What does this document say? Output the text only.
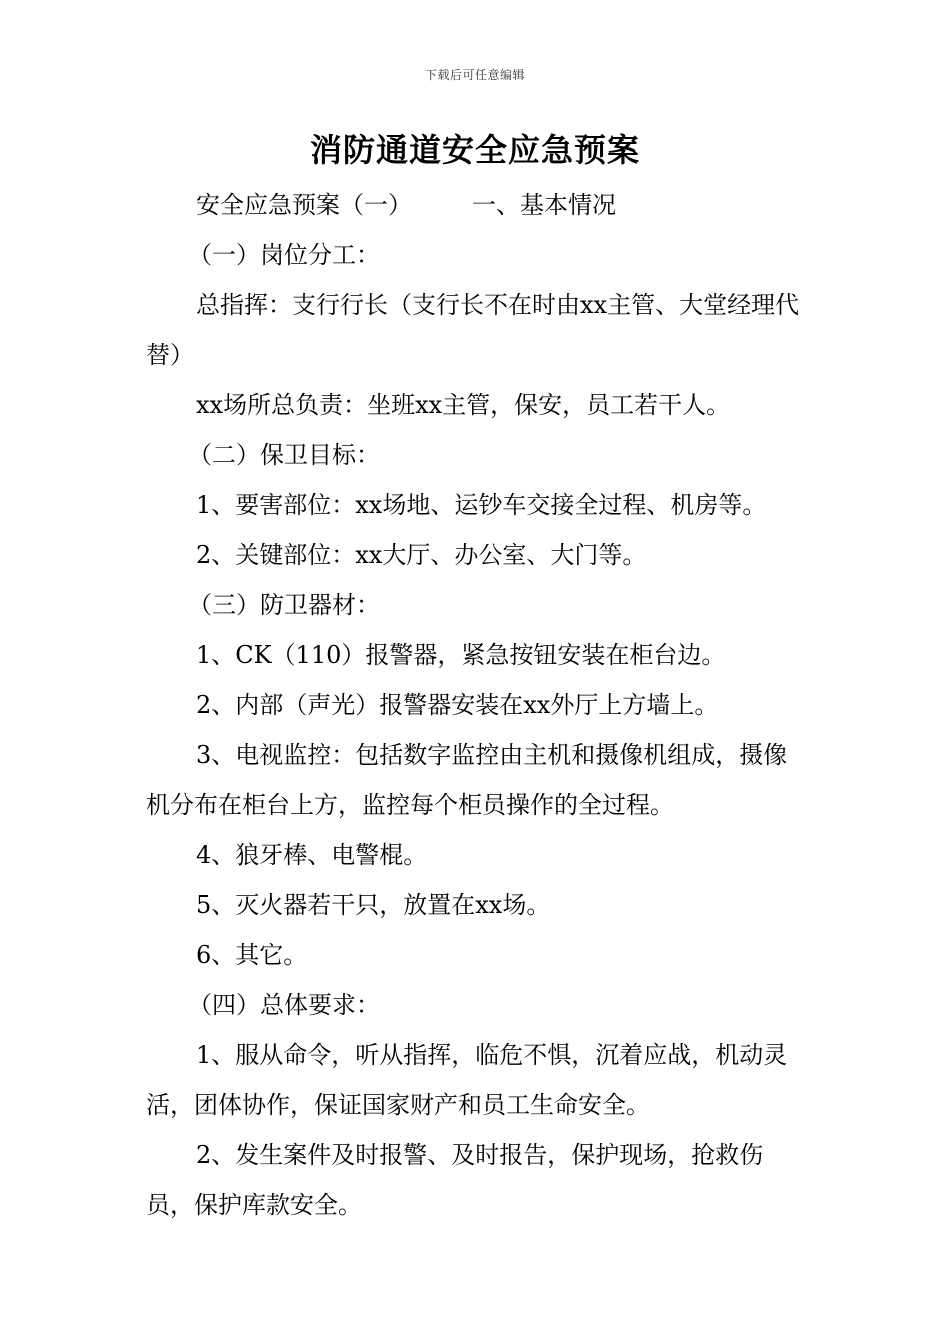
下载后可任意编辑
消防通道安全应急预案

安全应急预案（一）	一、基本情况

（一）岗位分工：

总指挥：支行行长（支行长不在时由xx主管、大堂经理代替）

xx场所总负责：坐班xx主管，保安，员工若干人。

（二）保卫目标：

1、要害部位：xx场地、运钞车交接全过程、机房等。

2、关键部位：xx大厅、办公室、大门等。

（三）防卫器材：

1、CK（110）报警器，紧急按钮安装在柜台边。

2、内部（声光）报警器安装在xx外厅上方墙上。

3、电视监控：包括数字监控由主机和摄像机组成，摄像机分布在柜台上方，监控每个柜员操作的全过程。

4、狼牙棒、电警棍。

5、灭火器若干只，放置在xx场。

6、其它。

（四）总体要求：

1、服从命令，听从指挥，临危不惧，沉着应战，机动灵活，团体协作，保证国家财产和员工生命安全。

2、发生案件及时报警、及时报告，保护现场，抢救伤员，保护库款安全。
